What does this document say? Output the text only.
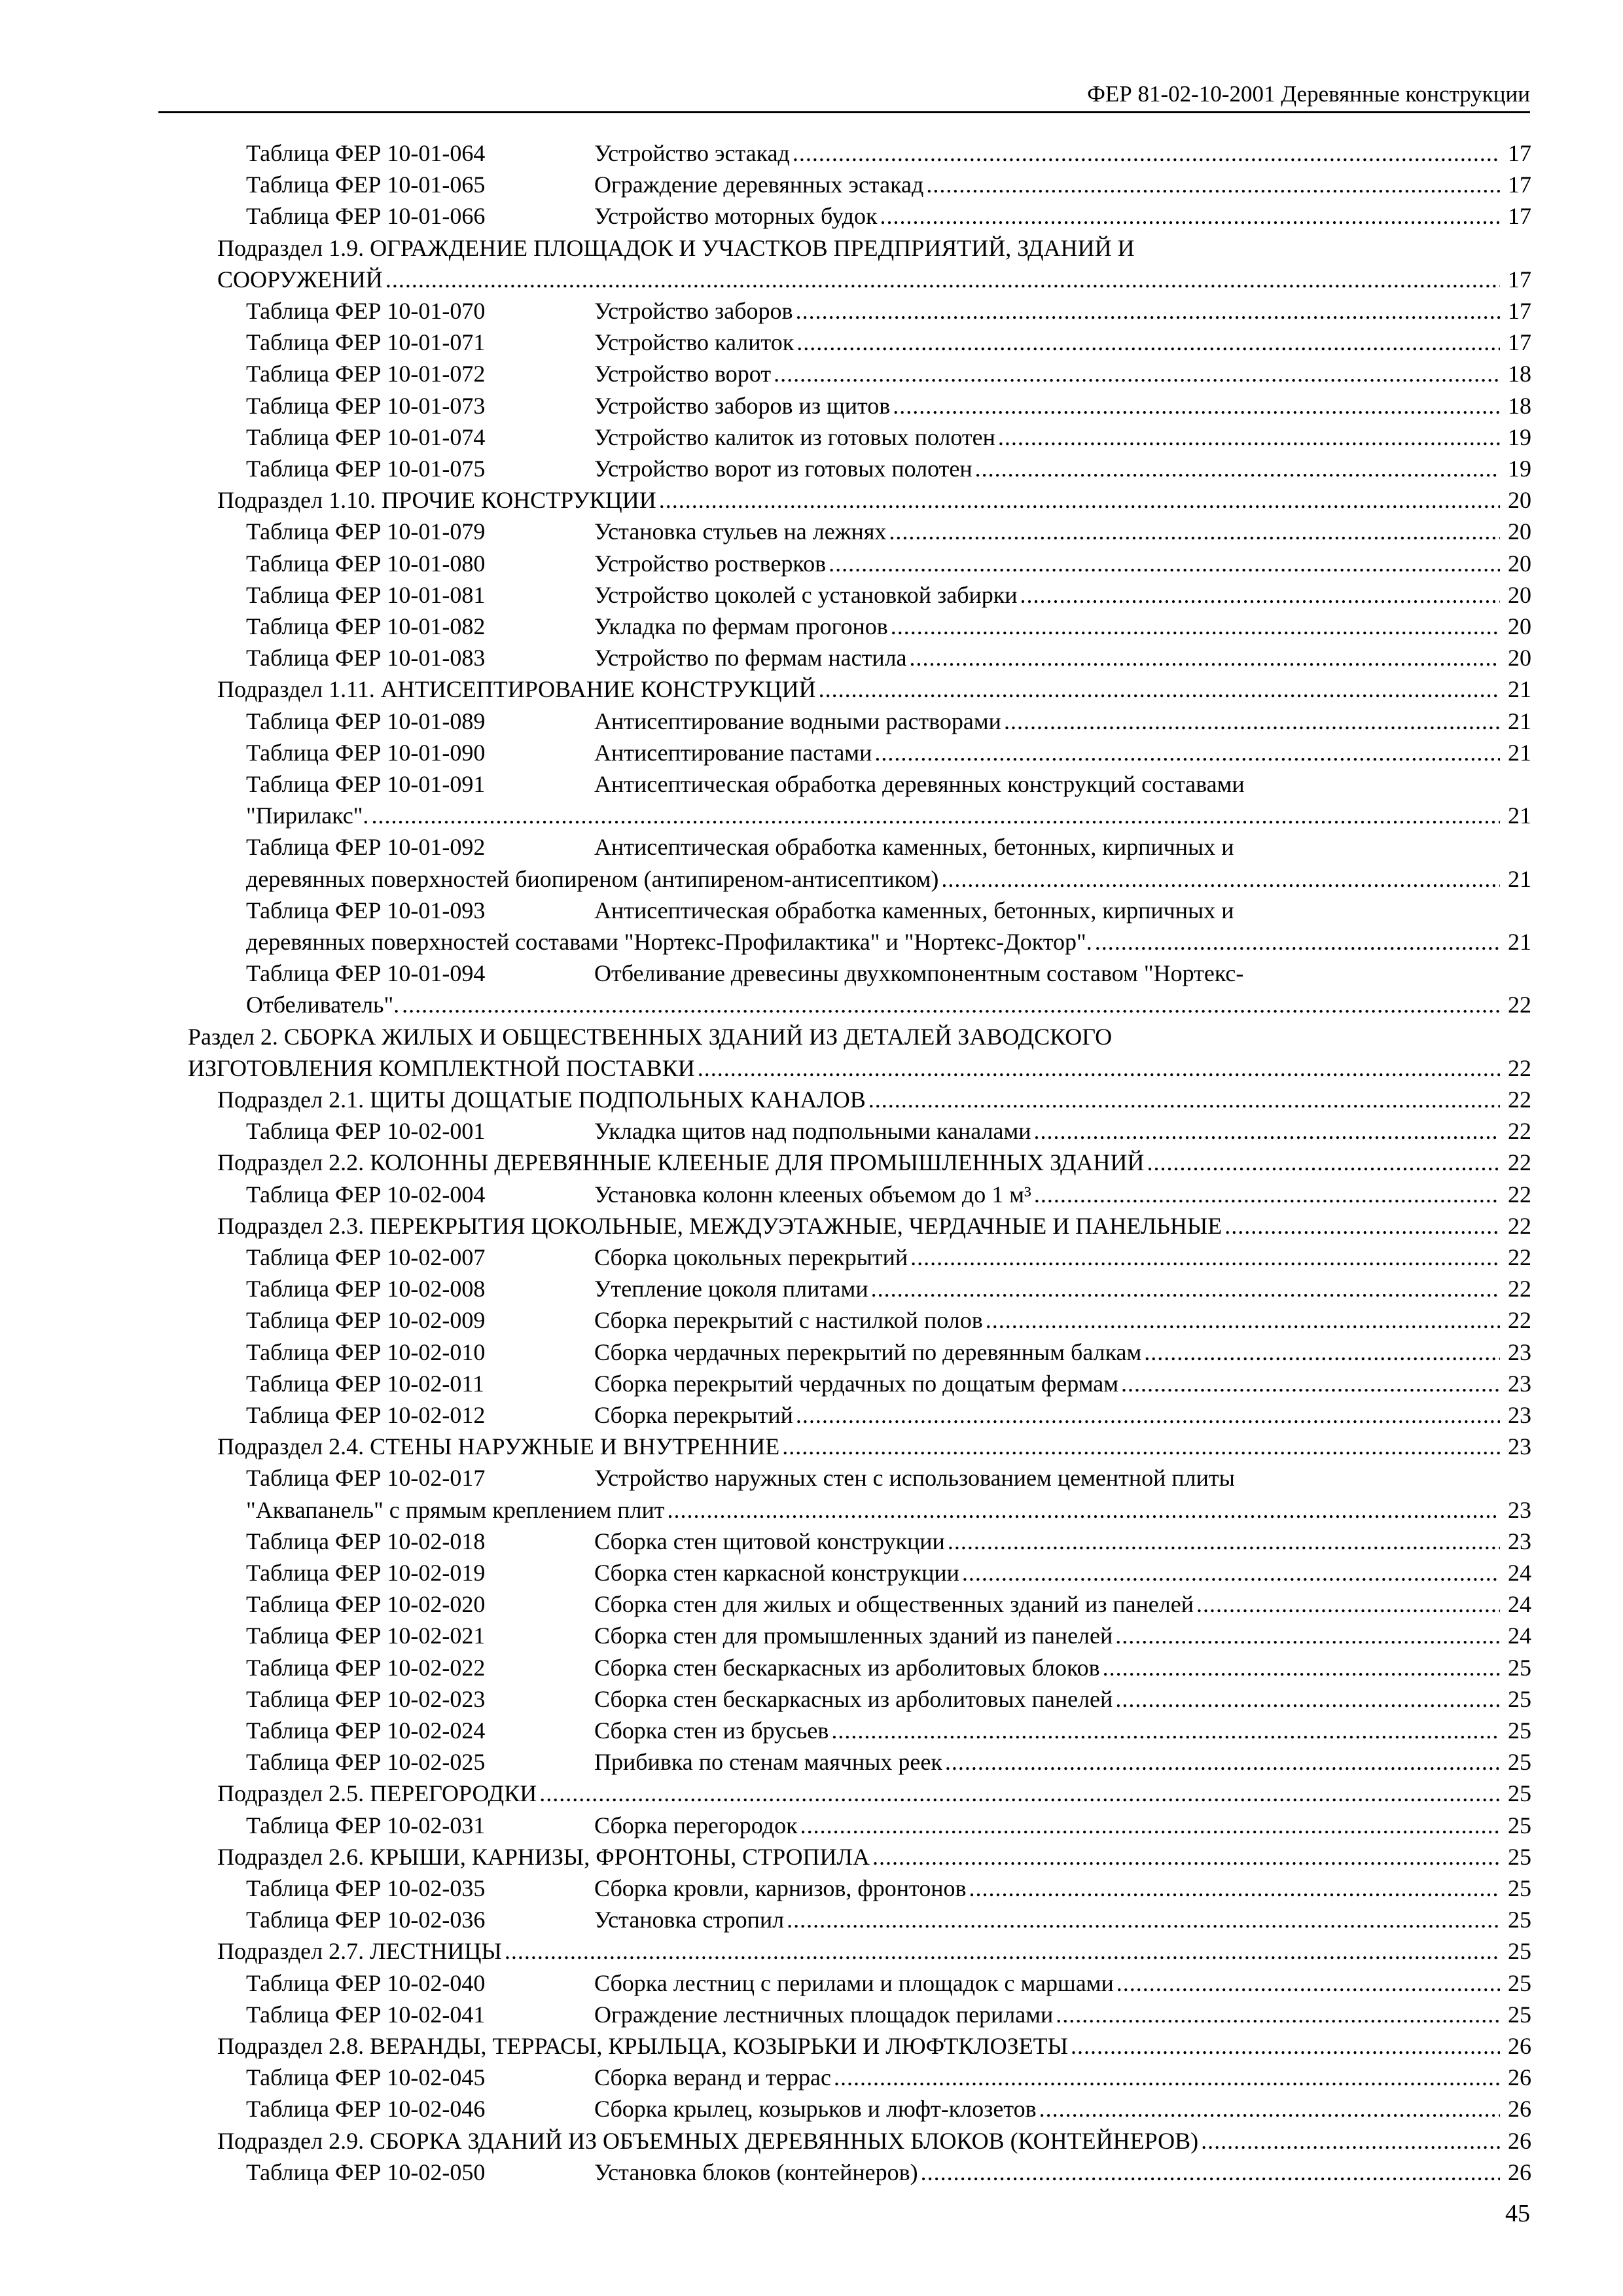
ФЕР 81-02-10-2001 Деревянные конструкции
Таблица ФЕР 10-01-064	Устройство эстакад .....	17
Таблица ФЕР 10-01-065	Ограждение деревянных эстакад .....	17
Таблица ФЕР 10-01-066	Устройство моторных будок .....	17
Подраздел 1.9. ОГРАЖДЕНИЕ ПЛОЩАДОК И УЧАСТКОВ ПРЕДПРИЯТИЙ, ЗДАНИЙ И
СООРУЖЕНИЙ .....	17
Таблица ФЕР 10-01-070	Устройство заборов .....	17
Таблица ФЕР 10-01-071	Устройство калиток .....	17
Таблица ФЕР 10-01-072	Устройство ворот .....	18
Таблица ФЕР 10-01-073	Устройство заборов из щитов .....	18
Таблица ФЕР 10-01-074	Устройство калиток из готовых полотен .....	19
Таблица ФЕР 10-01-075	Устройство ворот из готовых полотен .....	19
Подраздел 1.10. ПРОЧИЕ КОНСТРУКЦИИ .....	20
Таблица ФЕР 10-01-079	Установка стульев на лежнях .....	20
Таблица ФЕР 10-01-080	Устройство ростверков .....	20
Таблица ФЕР 10-01-081	Устройство цоколей с установкой забирки .....	20
Таблица ФЕР 10-01-082	Укладка по фермам прогонов .....	20
Таблица ФЕР 10-01-083	Устройство по фермам настила .....	20
Подраздел 1.11. АНТИСЕПТИРОВАНИЕ КОНСТРУКЦИЙ .....	21
Таблица ФЕР 10-01-089	Антисептирование водными растворами .....	21
Таблица ФЕР 10-01-090	Антисептирование пастами .....	21
Таблица ФЕР 10-01-091	Антисептическая обработка деревянных конструкций составами
"Пирилакс". .....	21
Таблица ФЕР 10-01-092	Антисептическая обработка каменных, бетонных, кирпичных и
деревянных поверхностей биопиреном (антипиреном-антисептиком) .....	21
Таблица ФЕР 10-01-093	Антисептическая обработка каменных, бетонных, кирпичных и
деревянных поверхностей составами "Нортекс-Профилактика" и "Нортекс-Доктор". .....	21
Таблица ФЕР 10-01-094	Отбеливание древесины двухкомпонентным составом "Нортекс-
Отбеливатель". .....	22
Раздел 2. СБОРКА ЖИЛЫХ И ОБЩЕСТВЕННЫХ ЗДАНИЙ ИЗ ДЕТАЛЕЙ ЗАВОДСКОГО
ИЗГОТОВЛЕНИЯ КОМПЛЕКТНОЙ ПОСТАВКИ .....	22
Подраздел 2.1. ЩИТЫ ДОЩАТЫЕ ПОДПОЛЬНЫХ КАНАЛОВ .....	22
Таблица ФЕР 10-02-001	Укладка щитов над подпольными каналами .....	22
Подраздел 2.2. КОЛОННЫ ДЕРЕВЯННЫЕ КЛЕЕНЫЕ ДЛЯ ПРОМЫШЛЕННЫХ ЗДАНИЙ .....	22
Таблица ФЕР 10-02-004	Установка колонн клееных объемом до 1 м³ .....	22
Подраздел 2.3. ПЕРЕКРЫТИЯ ЦОКОЛЬНЫЕ, МЕЖДУЭТАЖНЫЕ, ЧЕРДАЧНЫЕ И ПАНЕЛЬНЫЕ .....	22
Таблица ФЕР 10-02-007	Сборка цокольных перекрытий .....	22
Таблица ФЕР 10-02-008	Утепление цоколя плитами .....	22
Таблица ФЕР 10-02-009	Сборка перекрытий с настилкой полов .....	22
Таблица ФЕР 10-02-010	Сборка чердачных перекрытий по деревянным балкам .....	23
Таблица ФЕР 10-02-011	Сборка перекрытий чердачных по дощатым фермам .....	23
Таблица ФЕР 10-02-012	Сборка перекрытий .....	23
Подраздел 2.4. СТЕНЫ НАРУЖНЫЕ И ВНУТРЕННИЕ .....	23
Таблица ФЕР 10-02-017	Устройство наружных стен с использованием цементной плиты
"Аквапанель" с прямым креплением плит .....	23
Таблица ФЕР 10-02-018	Сборка стен щитовой конструкции .....	23
Таблица ФЕР 10-02-019	Сборка стен каркасной конструкции .....	24
Таблица ФЕР 10-02-020	Сборка стен для жилых и общественных зданий из панелей .....	24
Таблица ФЕР 10-02-021	Сборка стен для промышленных зданий из панелей .....	24
Таблица ФЕР 10-02-022	Сборка стен бескаркасных из арболитовых блоков .....	25
Таблица ФЕР 10-02-023	Сборка стен бескаркасных из арболитовых панелей .....	25
Таблица ФЕР 10-02-024	Сборка стен из брусьев .....	25
Таблица ФЕР 10-02-025	Прибивка по стенам маячных реек .....	25
Подраздел 2.5. ПЕРЕГОРОДКИ .....	25
Таблица ФЕР 10-02-031	Сборка перегородок .....	25
Подраздел 2.6. КРЫШИ, КАРНИЗЫ, ФРОНТОНЫ, СТРОПИЛА .....	25
Таблица ФЕР 10-02-035	Сборка кровли, карнизов, фронтонов .....	25
Таблица ФЕР 10-02-036	Установка стропил .....	25
Подраздел 2.7. ЛЕСТНИЦЫ .....	25
Таблица ФЕР 10-02-040	Сборка лестниц с перилами и площадок с маршами .....	25
Таблица ФЕР 10-02-041	Ограждение лестничных площадок перилами .....	25
Подраздел 2.8. ВЕРАНДЫ, ТЕРРАСЫ, КРЫЛЬЦА, КОЗЫРЬКИ И ЛЮФТКЛОЗЕТЫ .....	26
Таблица ФЕР 10-02-045	Сборка веранд и террас .....	26
Таблица ФЕР 10-02-046	Сборка крылец, козырьков и люфт-клозетов .....	26
Подраздел 2.9. СБОРКА ЗДАНИЙ ИЗ ОБЪЕМНЫХ ДЕРЕВЯННЫХ БЛОКОВ (КОНТЕЙНЕРОВ) .....	26
Таблица ФЕР 10-02-050	Установка блоков (контейнеров) .....	26
45
